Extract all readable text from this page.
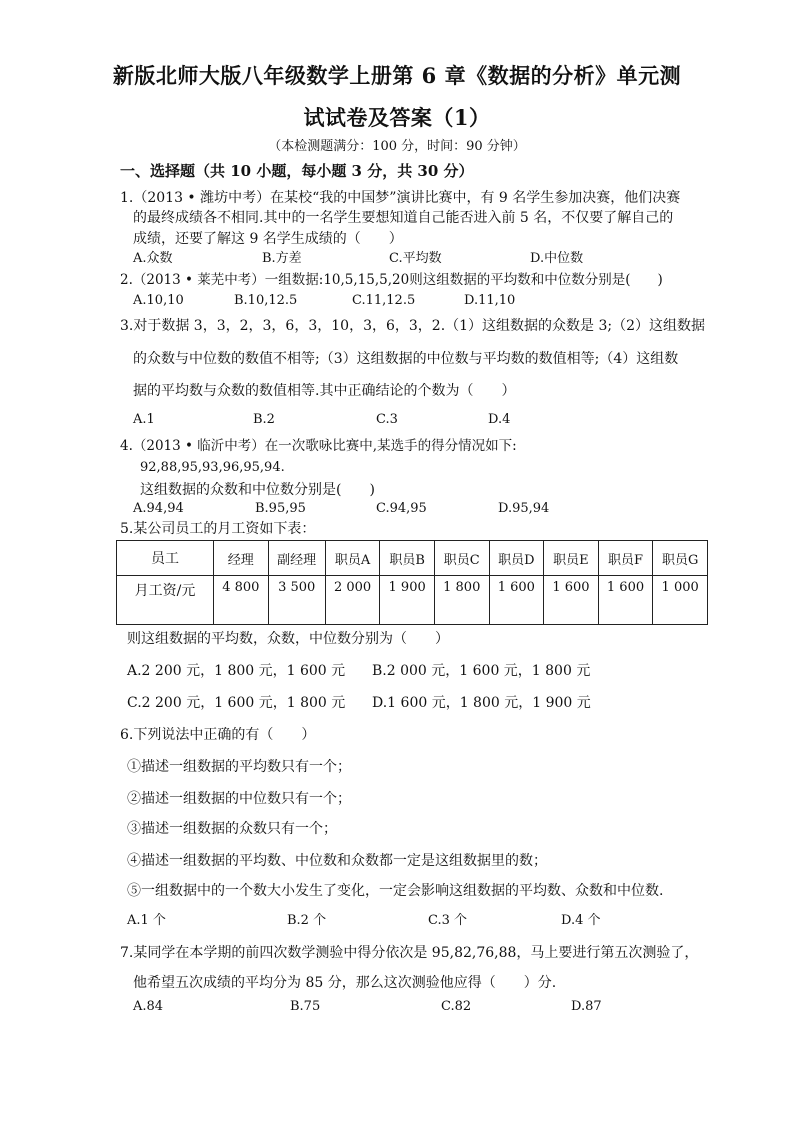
新版北师大版八年级数学上册第 6 章《数据的分析》单元测
试试卷及答案（1）
（本检测题满分：100 分，时间：90 分钟）
一、选择题（共 10 小题，每小题 3 分，共 30 分）
1.（2013 • 潍坊中考）在某校“我的中国梦”演讲比赛中，有 9 名学生参加决赛，他们决赛
的最终成绩各不相同.其中的一名学生要想知道自己能否进入前 5 名，不仅要了解自己的
成绩，还要了解这 9 名学生成绩的（　　）
A.众数	B.方差	C.平均数	D.中位数
2.（2013 • 莱芜中考）一组数据:10,5,15,5,20则这组数据的平均数和中位数分别是(　　)
A.10,10	B.10,12.5	C.11,12.5	D.11,10
3.对于数据 3，3，2，3，6，3，10，3，6，3，2.（1）这组数据的众数是 3;（2）这组数据
的众数与中位数的数值不相等;（3）这组数据的中位数与平均数的数值相等;（4）这组数
据的平均数与众数的数值相等.其中正确结论的个数为（　　）
A.1	B.2	C.3	D.4
4.（2013 • 临沂中考）在一次歌咏比赛中,某选手的得分情况如下:
92,88,95,93,96,95,94.
这组数据的众数和中位数分别是(　　)
A.94,94	B.95,95	C.94,95	D.95,94
5.某公司员工的月工资如下表：
员工	经理	副经理	职员A	职员B	职员C	职员D	职员E	职员F	职员G
月工资/元	4 800	3 500	2 000	1 900	1 800	1 600	1 600	1 600	1 000
则这组数据的平均数，众数，中位数分别为（　　）
A.2 200 元，1 800 元，1 600 元 B.2 000 元，1 600 元，1 800 元
C.2 200 元，1 600 元，1 800 元 D.1 600 元，1 800 元，1 900 元
6.下列说法中正确的有（　　）
①描述一组数据的平均数只有一个；
②描述一组数据的中位数只有一个；
③描述一组数据的众数只有一个；
④描述一组数据的平均数、中位数和众数都一定是这组数据里的数；
⑤一组数据中的一个数大小发生了变化，一定会影响这组数据的平均数、众数和中位数.
A.1 个	B.2 个	C.3 个	D.4 个
7.某同学在本学期的前四次数学测验中得分依次是 95,82,76,88，马上要进行第五次测验了，
他希望五次成绩的平均分为 85 分，那么这次测验他应得（　　）分.
A.84	B.75	C.82	D.87
